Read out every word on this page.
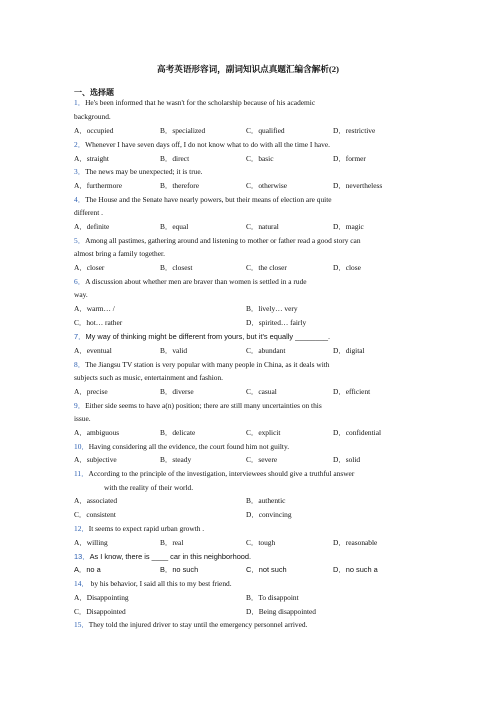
高考英语形容词，副词知识点真题汇编含解析(2)
一、选择题
1．He's been informed that he wasn't for the scholarship because of his academic
background.
A．occupied	B．specialized	C．qualified	D．restrictive
2．Whenever I have seven days off, I do not know what to do with all the time I have.
A．straight	B．direct	C．basic	D．former
3．The news may be unexpected; it is true.
A．furthermore	B．therefore	C．otherwise	D．nevertheless
4．The House and the Senate have nearly powers, but their means of election are quite
different .
A．definite	B．equal	C．natural	D．magic
5．Among all pastimes, gathering around and listening to mother or father read a good story can
almost bring a family together.
A．closer	B．closest	C．the closer	D．close
6．A discussion about whether men are braver than women is settled in a rude
way.
A．warm… /	B．lively… very
C．hot… rather	D．spirited… fairly
7．My way of thinking might be different from yours, but it’s equally ________.
A．eventual	B．valid	C．abundant	D．digital
8．The Jiangsu TV station is very popular with many people in China, as it deals with
subjects such as music, entertainment and fashion.
A．precise	B．diverse	C．casual	D．efficient
9．Either side seems to have a(n) position; there are still many uncertainties on this
issue.
A．ambiguous	B．delicate	C．explicit	D．confidential
10．Having considering all the evidence, the court found him not guilty.
A．subjective	B．steady	C．severe	D．solid
11．According to the principle of the investigation, interviewees should give a truthful answer
with the reality of their world.
A．associated	B．authentic
C．consistent	D．convincing
12．It seems to expect rapid urban growth .
A．willing	B．real	C．tough	D．reasonable
13．As I know, there is ____ car in this neighborhood.
A．no a	B．no such	C．not such	D．no such a
14． by his behavior, I said all this to my best friend.
A．Disappointing	B．To disappoint
C．Disappointed	D．Being disappointed
15．They told the injured driver to stay until the emergency personnel arrived.
